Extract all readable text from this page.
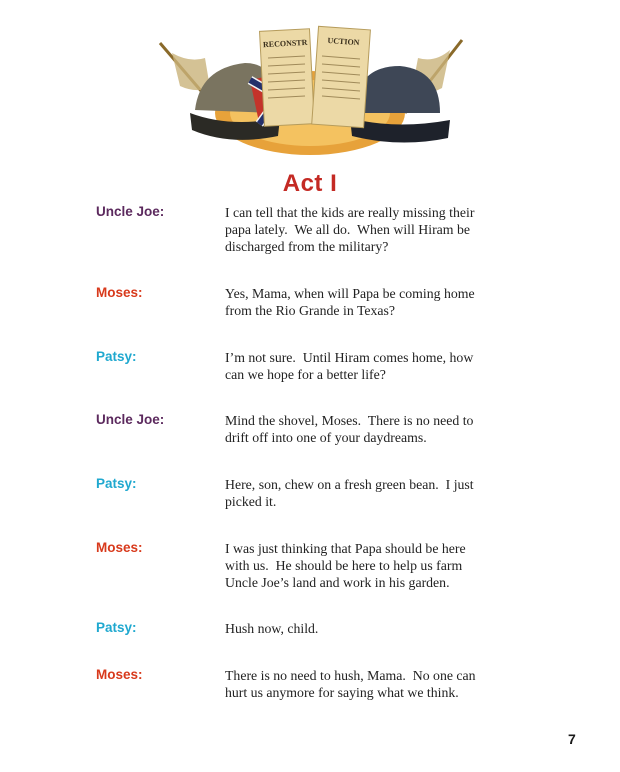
RECONSTR UCTION
Act I
Uncle Joe:	I can tell that the kids are really missing their
papa lately.  We all do.  When will Hiram be
discharged from the military?
Moses:	Yes, Mama, when will Papa be coming home
from the Rio Grande in Texas?
Patsy:	I’m not sure.  Until Hiram comes home, how
can we hope for a better life?
Uncle Joe:	Mind the shovel, Moses.  There is no need to
drift off into one of your daydreams.
Patsy:	Here, son, chew on a fresh green bean.  I just
picked it.
Moses:	I was just thinking that Papa should be here
with us.  He should be here to help us farm
Uncle Joe’s land and work in his garden.
Patsy:	Hush now, child.
Moses:	There is no need to hush, Mama.  No one can
hurt us anymore for saying what we think.
7
